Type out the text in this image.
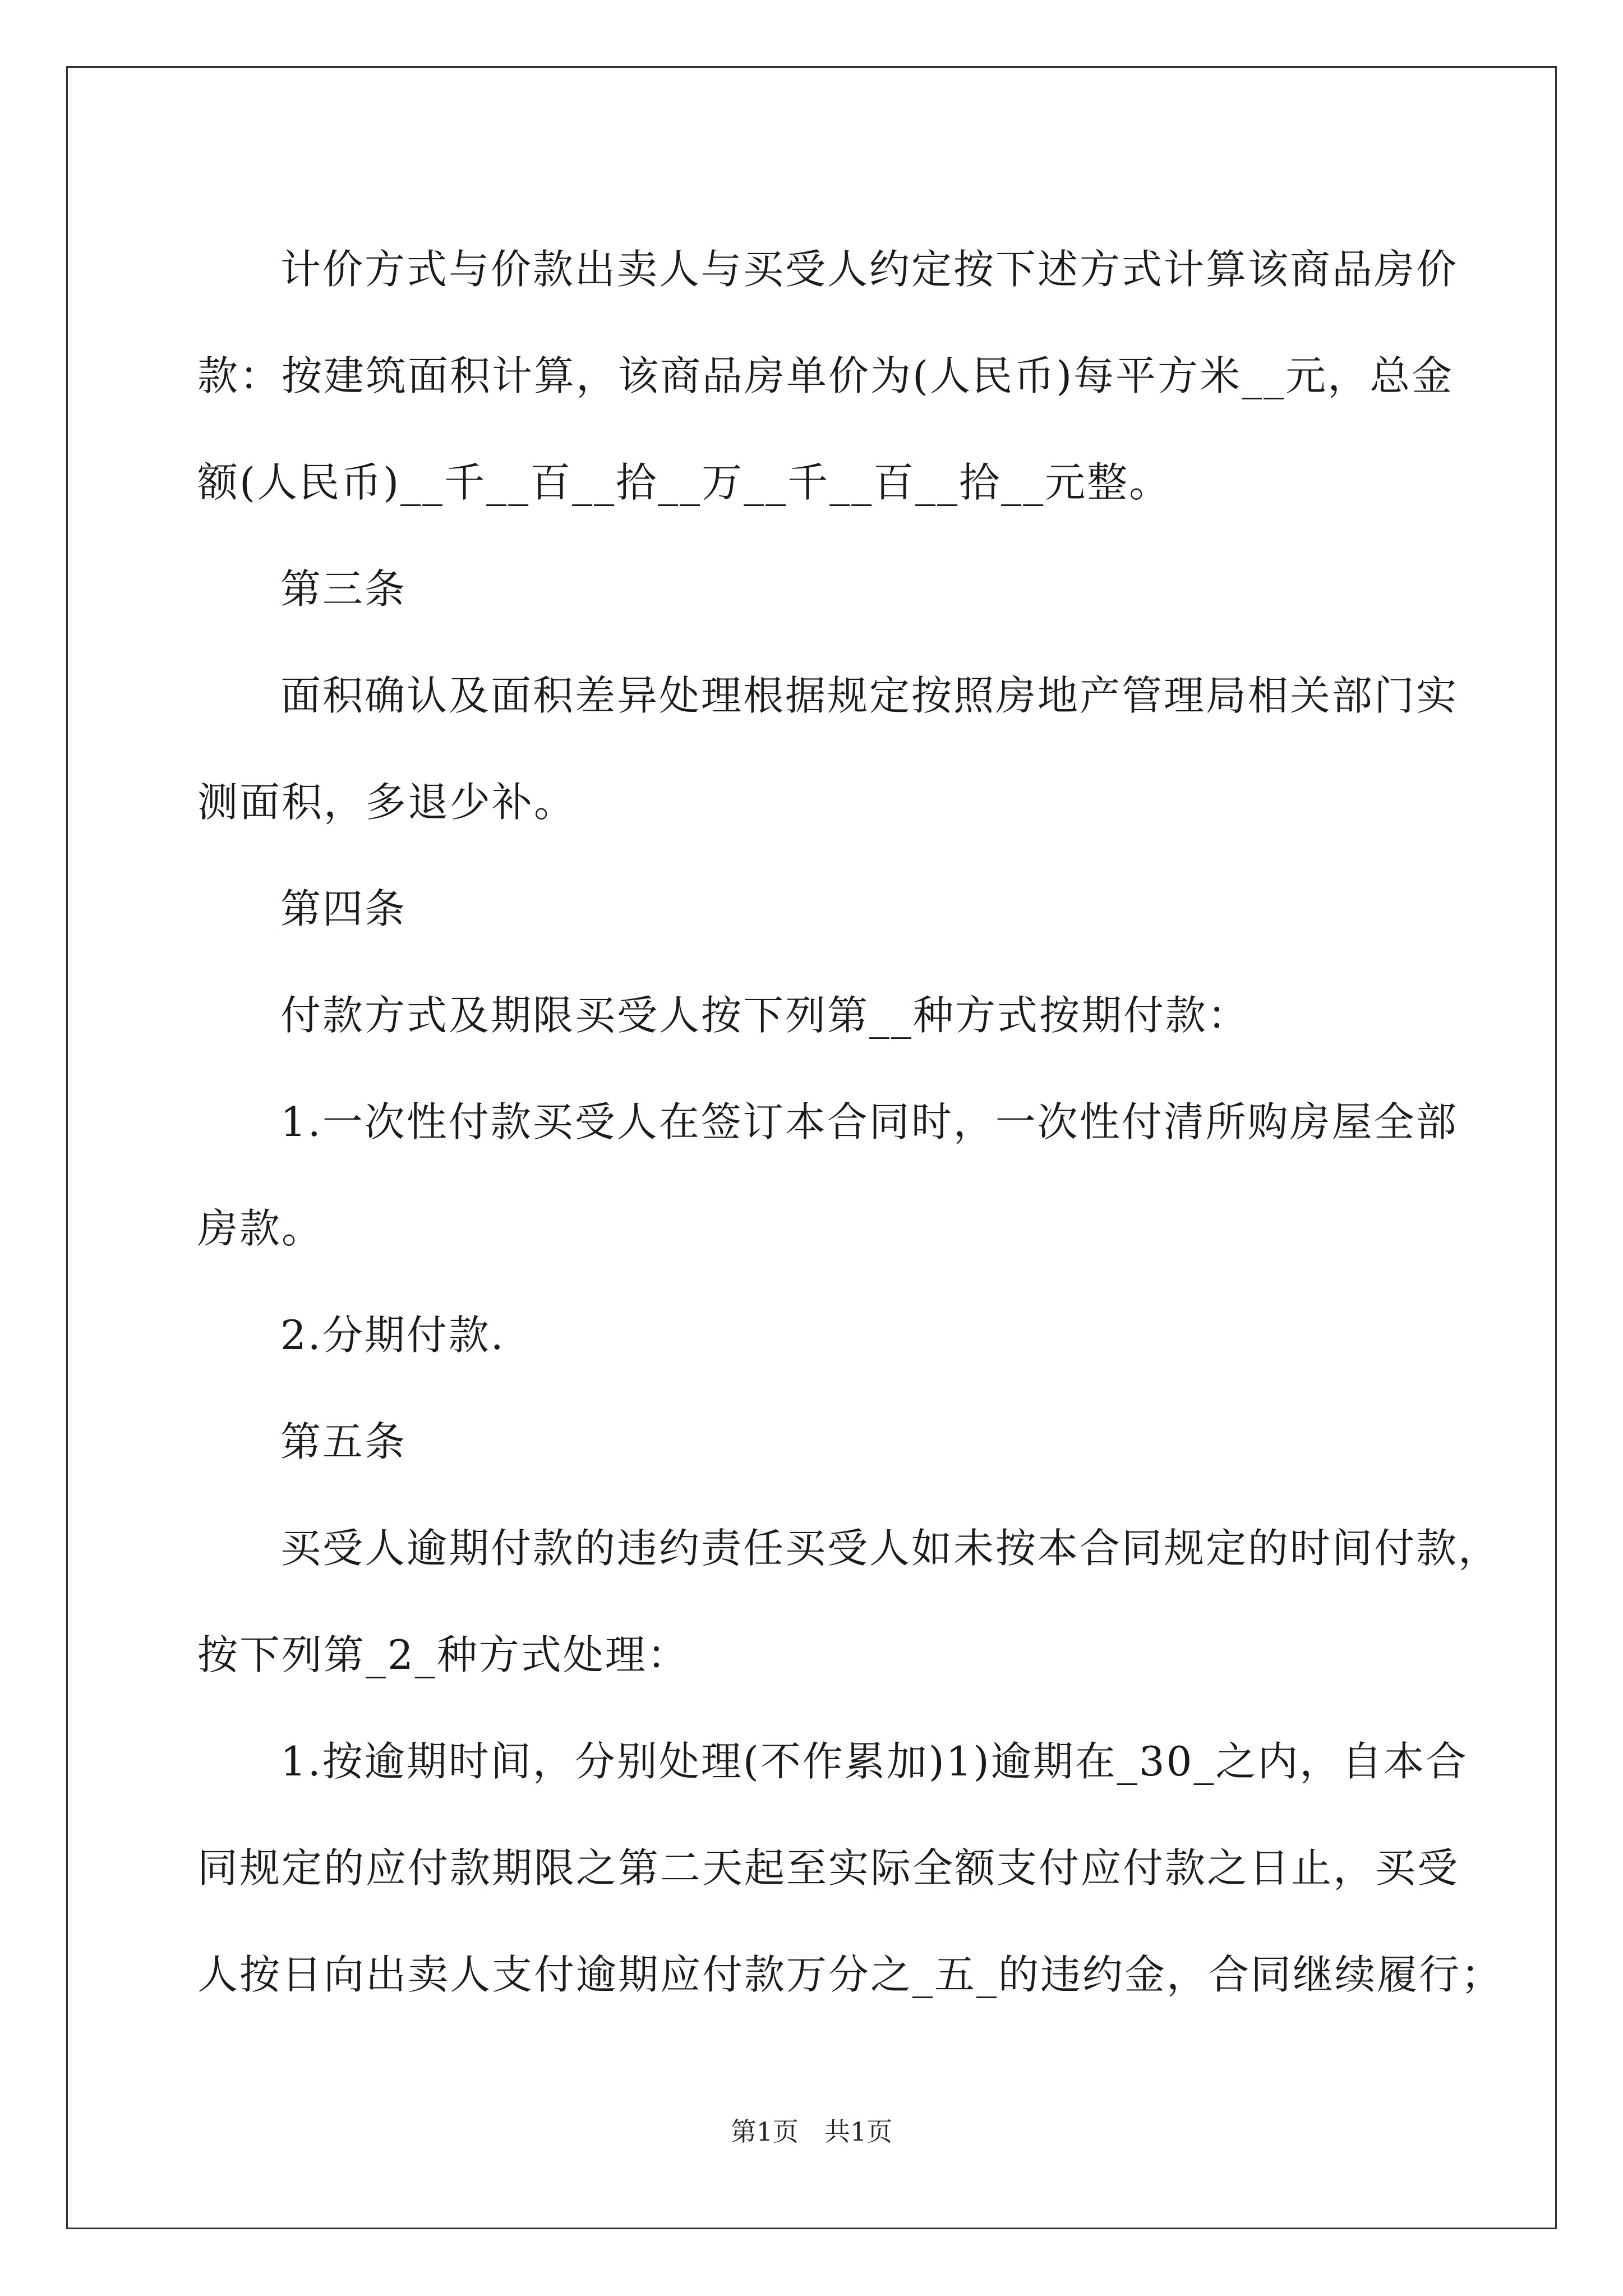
计价方式与价款出卖人与买受人约定按下述方式计算该商品房价

款：按建筑面积计算，该商品房单价为(人民币)每平方米__元，总金

额(人民币)__千__百__拾__万__千__百__拾__元整。

第三条

面积确认及面积差异处理根据规定按照房地产管理局相关部门实

测面积，多退少补。

第四条

付款方式及期限买受人按下列第__种方式按期付款：

1.一次性付款买受人在签订本合同时，一次性付清所购房屋全部

房款。

2.分期付款.

第五条

买受人逾期付款的违约责任买受人如未按本合同规定的时间付款，

按下列第_2_种方式处理：

1.按逾期时间，分别处理(不作累加)1)逾期在_30_之内，自本合

同规定的应付款期限之第二天起至实际全额支付应付款之日止，买受

人按日向出卖人支付逾期应付款万分之_五_的违约金，合同继续履行；

第1页　共1页
